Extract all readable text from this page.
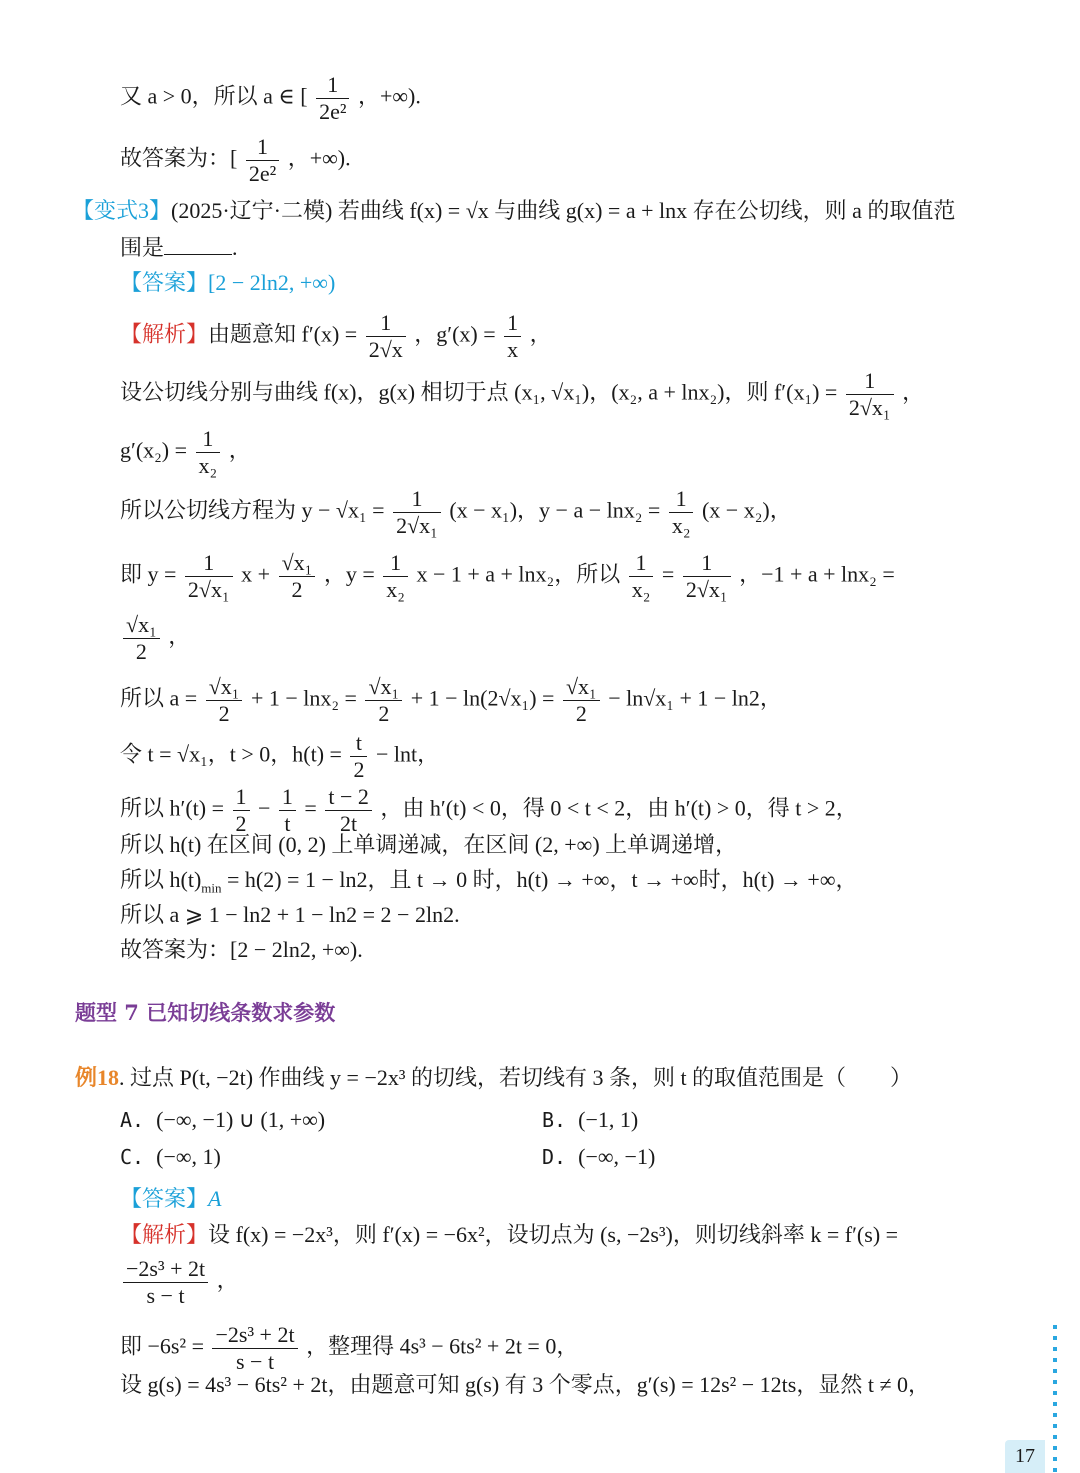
又 a > 0，所以 a ∈ [ $\frac{1}{\text{2e²}}$ ，+∞).
故答案为：[ $\frac{1}{\text{2e²}}$ ，+∞).
【变式3】(2025·辽宁·二模) 若曲线 f(x) = √x 与曲线 g(x) = a + lnx 存在公切线，则 a 的取值范
围是	.
【答案】[2 − 2ln2, +∞)
【解析】由题意知 $f'(x) = \frac{1}{2√x}$ ，$g'(x) = \frac{1}{x}$ ，
设公切线分别与曲线 f(x)，g(x) 相切于点 (x₁, √x₁)，(x₂, a + lnx₂)，则 $f'(x_1) = \frac{1}{\text{2√x₁}}$ ，
$g'(x_2) = \frac{1}{\text{x₂}}$ ，
所以公切线方程为 $y - √x_1 = \frac{1}{\text{2√x₁}} (x - x_1)$，$y - a - \ln x_2 = \frac{1}{\text{x₂}} (x - x_2)$，
即 $y = \frac{1}{\text{2√x₁}}$ $x + \frac{\text{√x₁}}{2}$ ，$y = \frac{1}{\text{x₂}}$ x − 1 + a + lnx₂，所以 $\frac{1}{\text{x₂}} = \frac{1}{\text{2√x₁}}$ ，−1 + a + lnx₂ =
$\frac{\text{√x₁}}{2}$ ，
所以 $a = \frac{\text{√x₁}}{2} + 1 - \ln x_2 = \frac{\text{√x₁}}{2} + 1 - \ln(2√x_1) = \frac{\text{√x₁}}{2} - \ln√x_1 + 1 - \ln 2$，
令 t = √x₁，t > 0，$h(t) = \frac{t}{2} - \ln t$，
所以 $h'(t) = \frac{1}{2} - \frac{1}{t} = \frac{t - 2}{2t}$ ，由 h′(t) < 0，得 0 < t < 2，由 h′(t) > 0，得 t > 2，
所以 h(t) 在区间 (0, 2) 上单调递减，在区间 (2, +∞) 上单调递增，
所以 $h(t)_{min} = h(2) = 1 - \ln 2$，且 t → 0 时，h(t) → +∞，t → +∞时，h(t) → +∞，
所以 a ⩾ 1 − ln2 + 1 − ln2 = 2 − 2ln2.
故答案为：[2 − 2ln2, +∞).
题型 7 已知切线条数求参数
例18. 过点 P(t, −2t) 作曲线 y = −2x³ 的切线，若切线有 3 条，则 t 的取值范围是（　　）
A. (−∞, −1) ∪ (1, +∞)	B. (−1, 1)
C. (−∞, 1)	D. (−∞, −1)
【答案】A
【解析】设 f(x) = −2x³，则 f′(x) = −6x²，设切点为 (s, −2s³)，则切线斜率 k = f′(s) =
$\frac{\text{−2s³ + 2t}}{s - t}$ ，
即 $-6s^2 = \frac{\text{−2s³ + 2t}}{s - t}$ ，整理得 4s³ − 6ts² + 2t = 0，
设 g(s) = 4s³ − 6ts² + 2t，由题意可知 g(s) 有 3 个零点，g′(s) = 12s² − 12ts，显然 t ≠ 0，
17
